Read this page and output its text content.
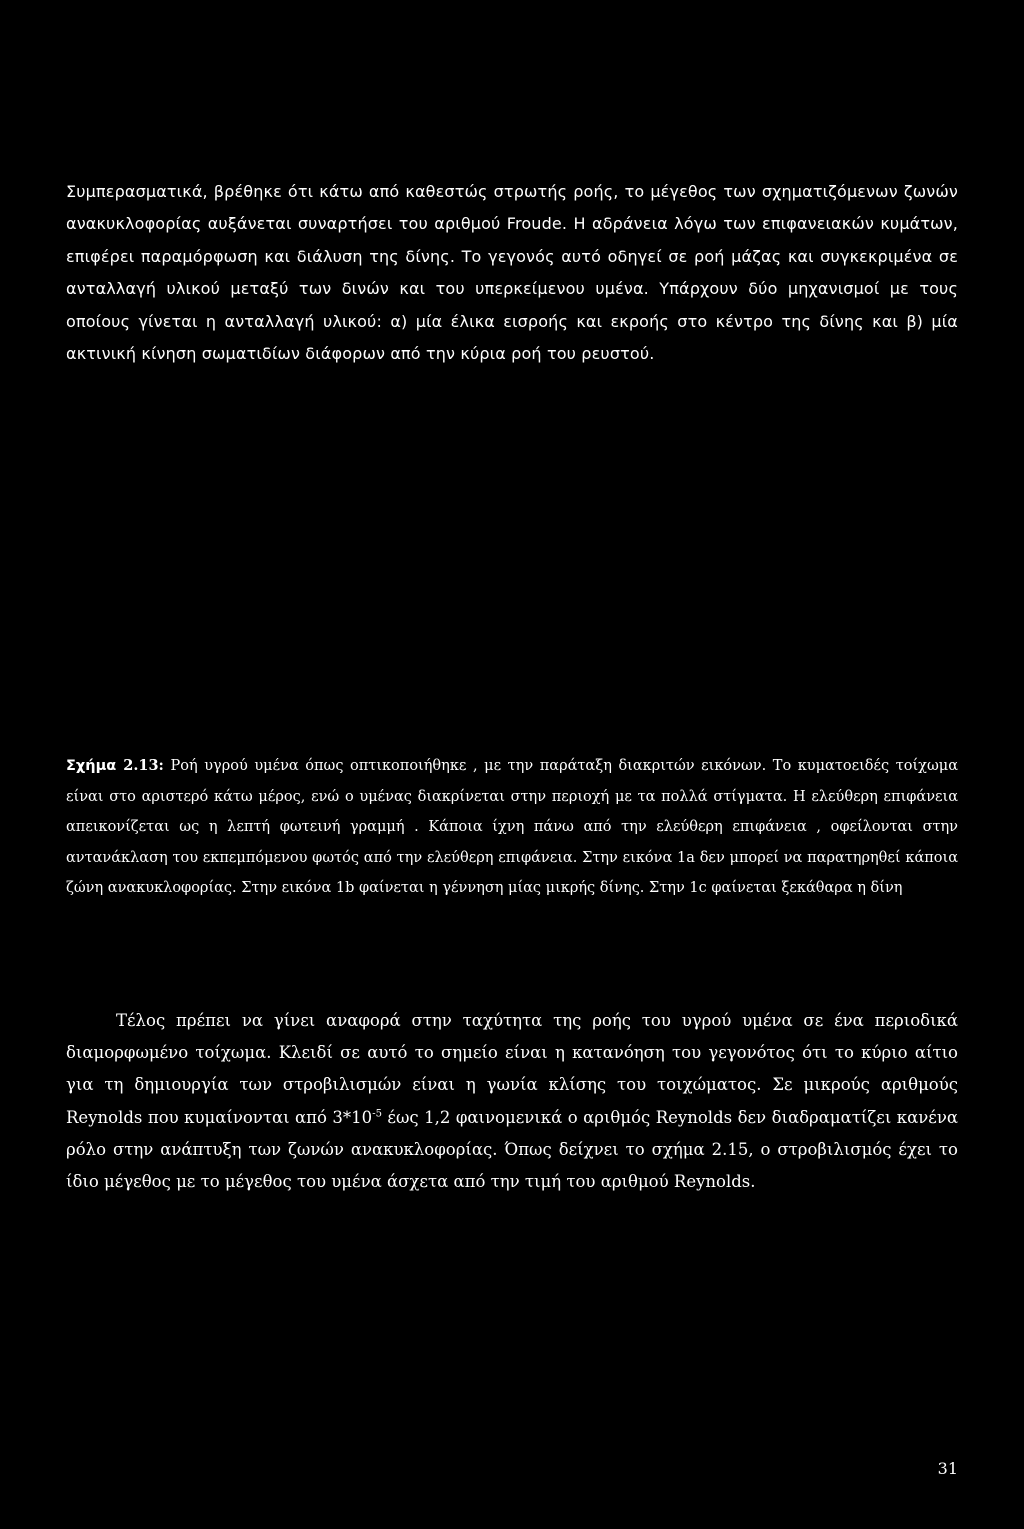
Συμπερασματικά, βρέθηκε ότι κάτω από καθεστώς στρωτής ροής, το μέγεθος των σχηματιζόμενων ζωνών ανακυκλοφορίας αυξάνεται συναρτήσει του αριθμού Froude. Η αδράνεια λόγω των επιφανειακών κυμάτων, επιφέρει παραμόρφωση και διάλυση της δίνης. Το γεγονός αυτό οδηγεί σε ροή μάζας και συγκεκριμένα σε ανταλλαγή υλικού μεταξύ των δινών και του υπερκείμενου υμένα. Υπάρχουν δύο μηχανισμοί με τους οποίους γίνεται η ανταλλαγή υλικού: α) μία έλικα εισροής και εκροής στο κέντρο της δίνης και β) μία ακτινική κίνηση σωματιδίων διάφορων από την κύρια ροή του ρευστού.

Σχήμα 2.13: Ροή υγρού υμένα όπως οπτικοποιήθηκε , με την παράταξη διακριτών εικόνων. Το κυματοειδές τοίχωμα είναι στο αριστερό κάτω μέρος, ενώ ο υμένας διακρίνεται στην περιοχή με τα πολλά στίγματα. Η ελεύθερη επιφάνεια απεικονίζεται ως η λεπτή φωτεινή γραμμή . Κάποια ίχνη πάνω από την ελεύθερη επιφάνεια , οφείλονται στην αντανάκλαση του εκπεμπόμενου φωτός από την ελεύθερη επιφάνεια. Στην εικόνα 1a δεν μπορεί να παρατηρηθεί κάποια ζώνη ανακυκλοφορίας. Στην εικόνα 1b φαίνεται η γέννηση μίας μικρής δίνης. Στην 1c φαίνεται ξεκάθαρα η δίνη

Τέλος πρέπει να γίνει αναφορά στην ταχύτητα της ροής του υγρού υμένα σε ένα περιοδικά διαμορφωμένο τοίχωμα. Κλειδί σε αυτό το σημείο είναι η κατανόηση του γεγονότος ότι το κύριο αίτιο για τη δημιουργία των στροβιλισμών είναι η γωνία κλίσης του τοιχώματος. Σε μικρούς αριθμούς Reynolds που κυμαίνονται από $3*10^{-5}$ έως 1,2 φαινομενικά ο αριθμός Reynolds δεν διαδραματίζει κανένα ρόλο στην ανάπτυξη των ζωνών ανακυκλοφορίας. Όπως δείχνει το σχήμα 2.15, ο στροβιλισμός έχει το ίδιο μέγεθος με το μέγεθος του υμένα άσχετα από την τιμή του αριθμού Reynolds.

31
